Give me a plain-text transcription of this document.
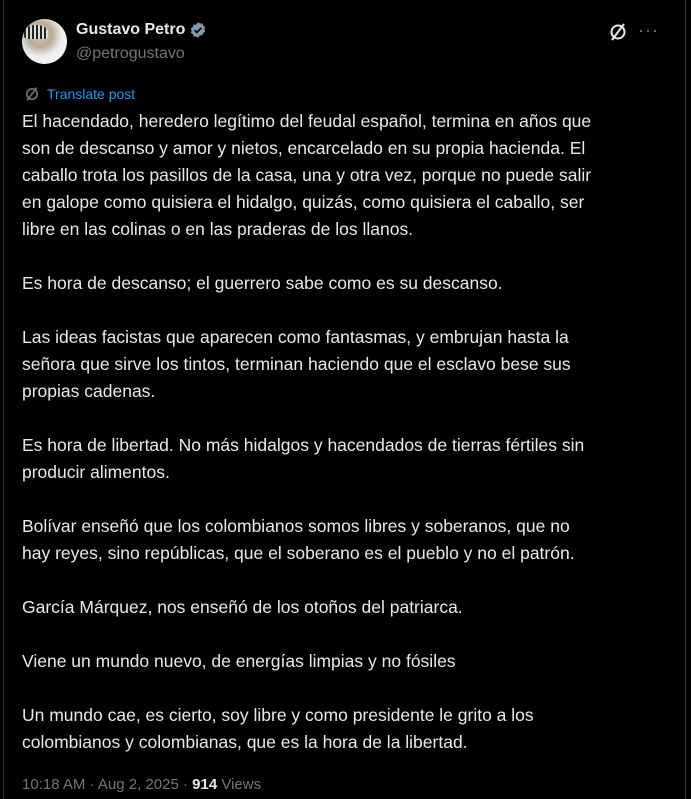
Gustavo Petro
@petrogustavo
···
Translate post

El hacendado, heredero legítimo del feudal español, termina en años que
son de descanso y amor y nietos, encarcelado en su propia hacienda. El
caballo trota los pasillos de la casa, una y otra vez, porque no puede salir
en galope como quisiera el hidalgo, quizás, como quisiera el caballo, ser
libre en las colinas o en las praderas de los llanos.

Es hora de descanso; el guerrero sabe como es su descanso.

Las ideas facistas que aparecen como fantasmas, y embrujan hasta la
señora que sirve los tintos, terminan haciendo que el esclavo bese sus
propias cadenas.

Es hora de libertad. No más hidalgos y hacendados de tierras fértiles sin
producir alimentos.

Bolívar enseñó que los colombianos somos libres y soberanos, que no
hay reyes, sino repúblicas, que el soberano es el pueblo y no el patrón.

García Márquez, nos enseñó de los otoños del patriarca.

Viene un mundo nuevo, de energías limpias y no fósiles

Un mundo cae, es cierto, soy libre y como presidente le grito a los
colombianos y colombianas, que es la hora de la libertad.

10:18 AM · Aug 2, 2025 · 914 Views
